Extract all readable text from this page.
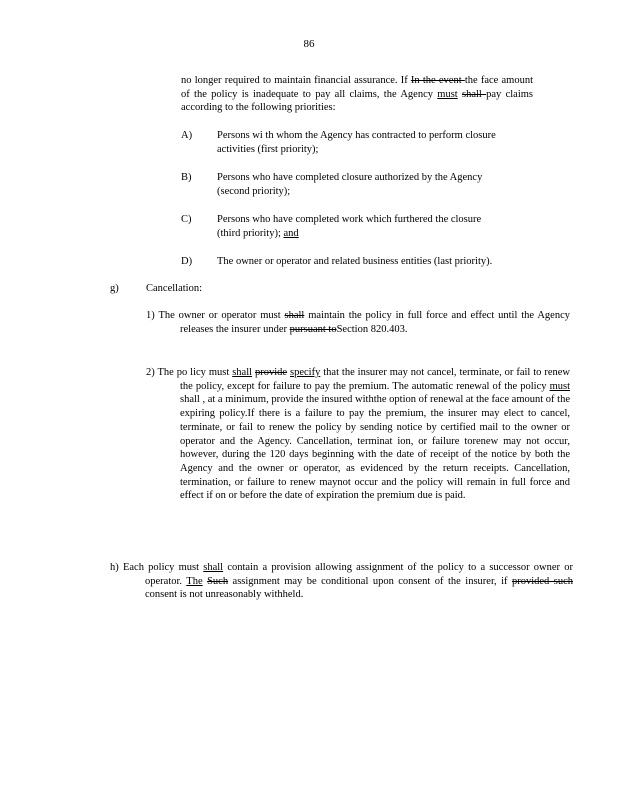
86
no longer required to maintain financial assurance. If In the event the face amount of the policy is inadequate to pay all claims, the Agency must shall pay claims according to the following priorities:
A) Persons wi th whom the Agency has contracted to perform closure
activities (first priority);
B) Persons who have completed closure authorized by the Agency
(second priority);
C) Persons who have completed work which furthered the closure
(third priority); and
D) The owner or operator and related business entities (last priority).
g)	Cancellation:
1) The owner or operator must shall maintain the policy in full force and effect until the Agency releases the insurer under pursuant toSection 820.403.
2) The po licy must shall provide specify that the insurer may not cancel, terminate, or fail to renew the policy, except for failure to pay the premium. The automatic renewal of the policy must shall , at a minimum, provide the insured withthe option of renewal at the face amount of the expiring policy.If there is a failure to pay the premium, the insurer may elect to cancel, terminate, or fail to renew the policy by sending notice by certified mail to the owner or operator and the Agency. Cancellation, terminat ion, or failure torenew may not occur, however, during the 120 days beginning with the date of receipt of the notice by both the Agency and the owner or operator, as evidenced by the return receipts. Cancellation, termination, or failure to renew maynot occur and the policy will remain in full force and effect if on or before the date of expiration the premium due is paid.
h) Each policy must shall contain a provision allowing assignment of the policy to a successor owner or operator. The Such assignment may be conditional upon consent of the insurer, if provided such consent is not unreasonably withheld.
